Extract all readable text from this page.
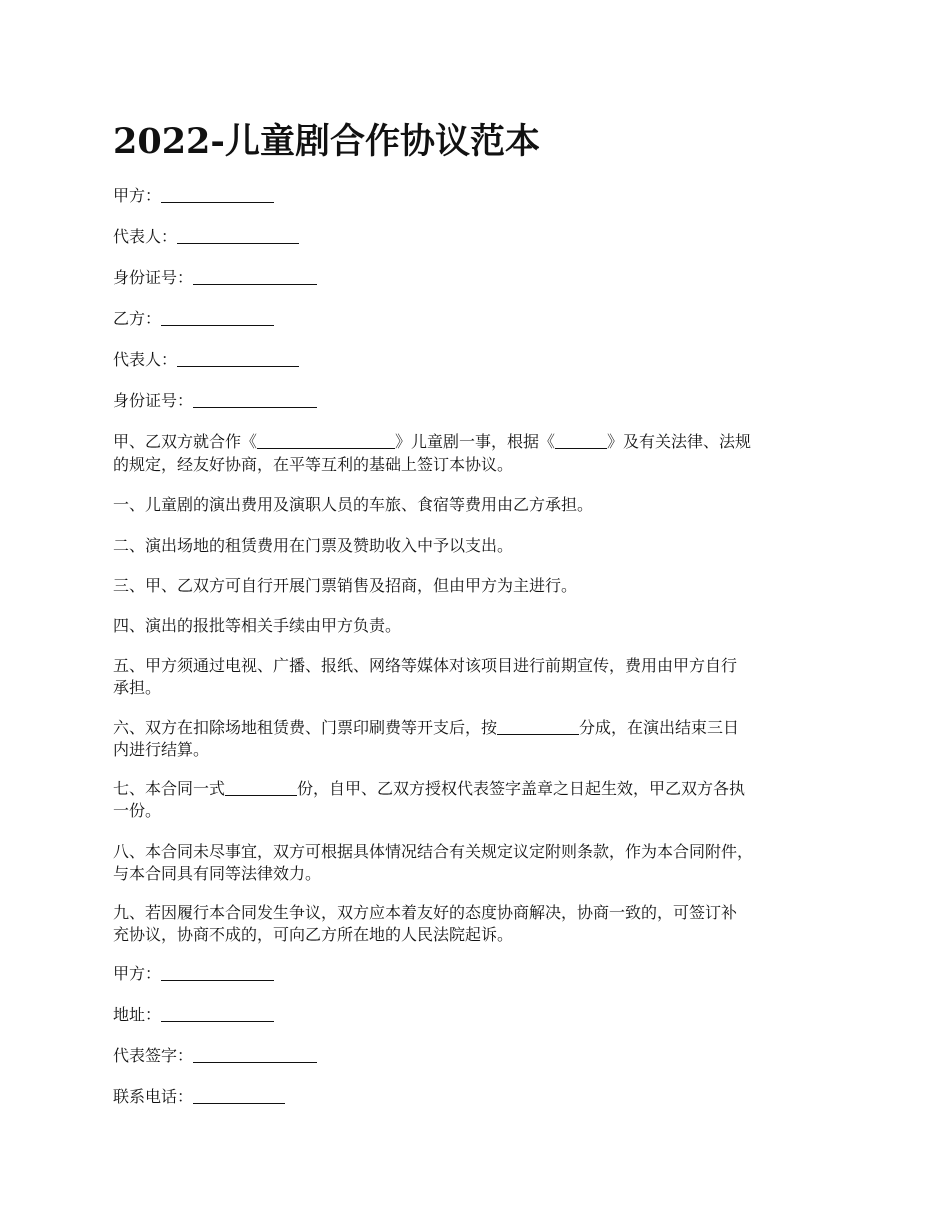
2022-儿童剧合作协议范本
甲方：
代表人：
身份证号：
乙方：
代表人：
身份证号：
甲、乙双方就合作《	》儿童剧一事，根据《	》及有关法律、法规
的规定，经友好协商，在平等互利的基础上签订本协议。
一、儿童剧的演出费用及演职人员的车旅、食宿等费用由乙方承担。
二、演出场地的租赁费用在门票及赞助收入中予以支出。
三、甲、乙双方可自行开展门票销售及招商，但由甲方为主进行。
四、演出的报批等相关手续由甲方负责。
五、甲方须通过电视、广播、报纸、网络等媒体对该项目进行前期宣传，费用由甲方自行
承担。
六、双方在扣除场地租赁费、门票印刷费等开支后，按	分成，在演出结束三日
内进行结算。
七、本合同一式	份，自甲、乙双方授权代表签字盖章之日起生效，甲乙双方各执
一份。
八、本合同未尽事宜，双方可根据具体情况结合有关规定议定附则条款，作为本合同附件，
与本合同具有同等法律效力。
九、若因履行本合同发生争议，双方应本着友好的态度协商解决，协商一致的，可签订补
充协议，协商不成的，可向乙方所在地的人民法院起诉。
甲方：
地址：
代表签字：
联系电话：
